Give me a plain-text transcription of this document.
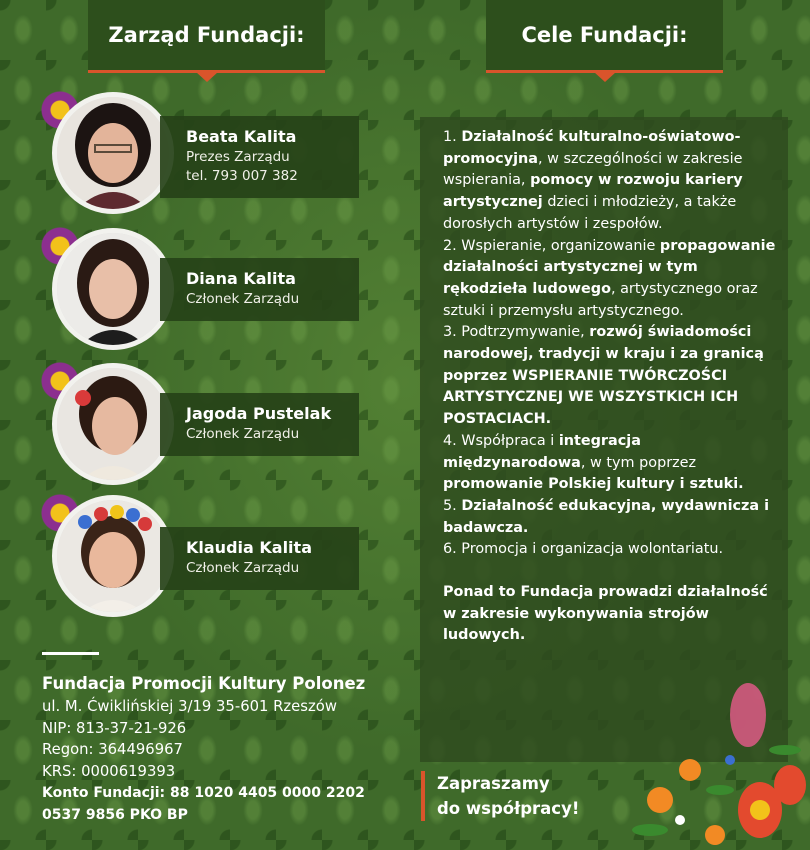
Zarząd Fundacji:	Cele Fundacji:
Beata Kalita
Prezes Zarządu
tel. 793 007 382
Diana Kalita
Członek Zarządu
Jagoda Pustelak
Członek Zarządu
Klaudia Kalita
Członek Zarządu
1. Działalność kulturalno-oświatowo-promocyjna, w szczególności w zakresie wspierania, pomocy w rozwoju kariery artystycznej dzieci i młodzieży, a także dorosłych artystów i zespołów.
2. Wspieranie, organizowanie propagowanie działalności artystycznej w tym rękodzieła ludowego, artystycznego oraz sztuki i przemysłu artystycznego.
3. Podtrzymywanie, rozwój świadomości narodowej, tradycji w kraju i za granicą poprzez WSPIERANIE TWÓRCZOŚCI ARTYSTYCZNEJ WE WSZYSTKICH ICH POSTACIACH.
4. Współpraca i integracja międzynarodowa, w tym poprzez promowanie Polskiej kultury i sztuki.
5. Działalność edukacyjna, wydawnicza i badawcza.
6. Promocja i organizacja wolontariatu.
Ponad to Fundacja prowadzi działalność w zakresie wykonywania strojów ludowych.
Fundacja Promocji Kultury Polonez
ul. M. Ćwiklińskiej 3/19 35-601 Rzeszów
NIP: 813-37-21-926
Regon: 364496967
KRS: 0000619393
Konto Fundacji: 88 1020 4405 0000 2202 0537 9856 PKO BP
Zapraszamy
do współpracy!
